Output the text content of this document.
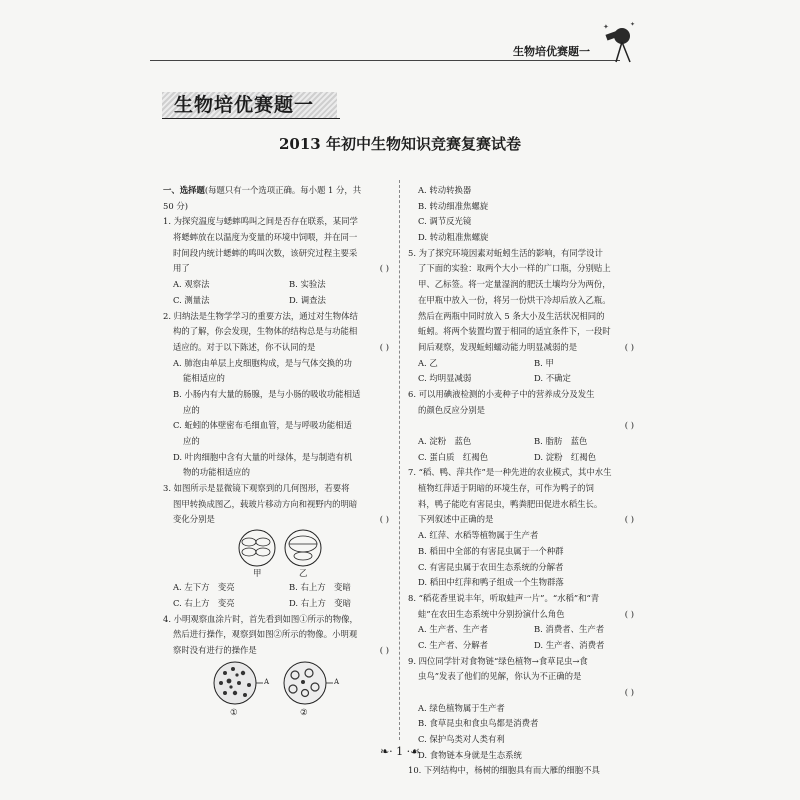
生物培优赛题一
✦	✦
生物培优赛题一
2013 年初中生物知识竞赛复赛试卷
一、选择题(每题只有一个选项正确。每小题 1 分，共
50 分)
1. 为探究温度与蟋蟀鸣叫之间是否存在联系，某同学
将蟋蟀放在以温度为变量的环境中饲喂，并在同一
时间段内统计蟋蟀的鸣叫次数，该研究过程主要采
用了	( )
A. 观察法	B. 实验法
C. 测量法	D. 调查法
2. 归纳法是生物学学习的重要方法，通过对生物体结
构的了解，你会发现，生物体的结构总是与功能相
适应的。对于以下陈述，你不认同的是	( )
A. 肺泡由单层上皮细胞构成，是与气体交换的功
能相适应的
B. 小肠内有大量的肠腺，是与小肠的吸收功能相适
应的
C. 蚯蚓的体壁密布毛细血管，是与呼吸功能相适
应的
D. 叶肉细胞中含有大量的叶绿体，是与制造有机
物的功能相适应的
3. 如图所示是显微镜下观察到的几何图形，若要将
图甲转换成图乙，载玻片移动方向和视野内的明暗
变化分别是	( )
甲	乙
A. 左下方　变亮	B. 右上方　变暗
C. 右上方　变亮	D. 右上方　变暗
4. 小明观察血涂片时，首先看到如图①所示的物像，
然后进行操作，观察到如图②所示的物像。小明观
察时没有进行的操作是	( )
A	A
①	②
A. 转动转换器
B. 转动细准焦螺旋
C. 调节反光镜
D. 转动粗准焦螺旋
5. 为了探究环境因素对蚯蚓生活的影响，有同学设计
了下面的实验：取两个大小一样的广口瓶，分别贴上
甲、乙标签。将一定量湿润的肥沃土壤均分为两份，
在甲瓶中放入一份，将另一份烘干冷却后放入乙瓶。
然后在两瓶中同时放入 5 条大小及生活状况相同的
蚯蚓。将两个装置均置于相同的适宜条件下，一段时
间后观察，发现蚯蚓蠕动能力明显减弱的是	( )
A. 乙	B. 甲
C. 均明显减弱	D. 不确定
6. 可以用碘液检测的小麦种子中的营养成分及发生
的颜色反应分别是
( )
A. 淀粉　蓝色	B. 脂肪　蓝色
C. 蛋白质　红褐色	D. 淀粉　红褐色
7. “稻、鸭、萍共作”是一种先进的农业模式，其中水生
植物红萍适于阴暗的环境生存，可作为鸭子的饲
料，鸭子能吃有害昆虫，鸭粪肥田促进水稻生长。
下列叙述中正确的是	( )
A. 红萍、水稻等植物属于生产者
B. 稻田中全部的有害昆虫属于一个种群
C. 有害昆虫属于农田生态系统的分解者
D. 稻田中红萍和鸭子组成一个生物群落
8. “稻花香里说丰年，听取蛙声一片”。“水稻”和“青
蛙”在农田生态系统中分别扮演什么角色	( )
A. 生产者、生产者	B. 消费者、生产者
C. 生产者、分解者	D. 生产者、消费者
9. 四位同学针对食物链“绿色植物→食草昆虫→食
虫鸟”发表了他们的见解，你认为不正确的是
( )
A. 绿色植物属于生产者
B. 食草昆虫和食虫鸟都是消费者
C. 保护鸟类对人类有利
D. 食物链本身就是生态系统
10. 下列结构中，杨树的细胞具有而大雁的细胞不具
❧· 1 ·☙
